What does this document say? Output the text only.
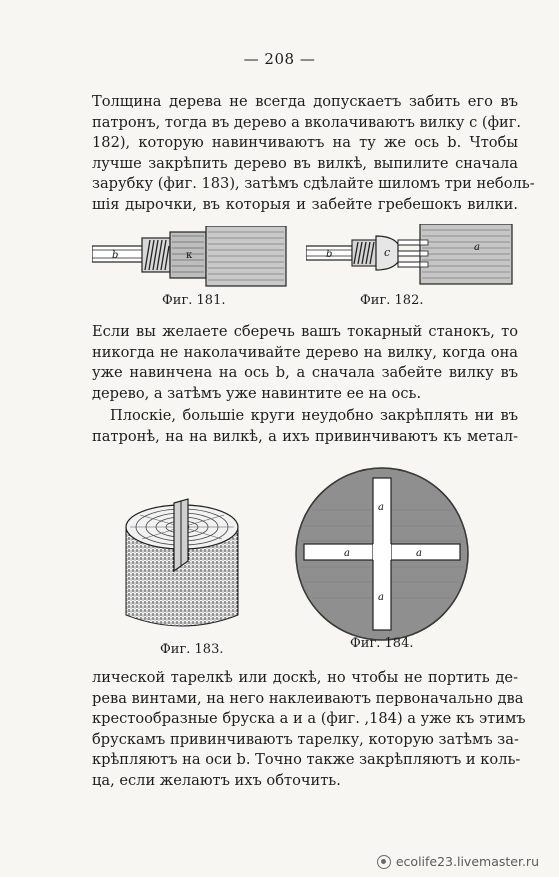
— 208 —

Толщина дерева не всегда допускаетъ забить его въ
патронъ, тогда въ дерево a вколачиваютъ вилку c (фиг.
182), которую навинчиваютъ на ту же ось b. Чтобы
лучше закрѣпить дерево въ вилкѣ, выпилите сначала
зарубку (фиг. 183), затѣмъ сдѣлайте шиломъ три неболь-
шія дырочки, въ которыя и забейте гребешокъ вилки.

b	к
Фиг. 181.
b	c	a
Фиг. 182.

Если вы желаете сберечь вашъ токарный станокъ, то
никогда не наколачивайте дерево на вилку, когда она
уже навинчена на ось b, а сначала забейте вилку въ
дерево, а затѣмъ уже навинтите ее на ось.

Плоскіе, большіе круги неудобно закрѣплять ни въ
патронѣ, на на вилкѣ, а ихъ привинчиваютъ къ метал-

Фиг. 183.
a
a	a
a
Фиг. 184.

лической тарелкѣ или доскѣ, но чтобы не портить де-
рева винтами, на него наклеиваютъ первоначально два
крестообразные бруска a и a (фиг. ,184) а уже къ этимъ
брускамъ привинчиваютъ тарелку, которую затѣмъ за-
крѣпляютъ на оси b. Точно также закрѣпляютъ и коль-
ца, если желаютъ ихъ обточить.

ecolife23.livemaster.ru
